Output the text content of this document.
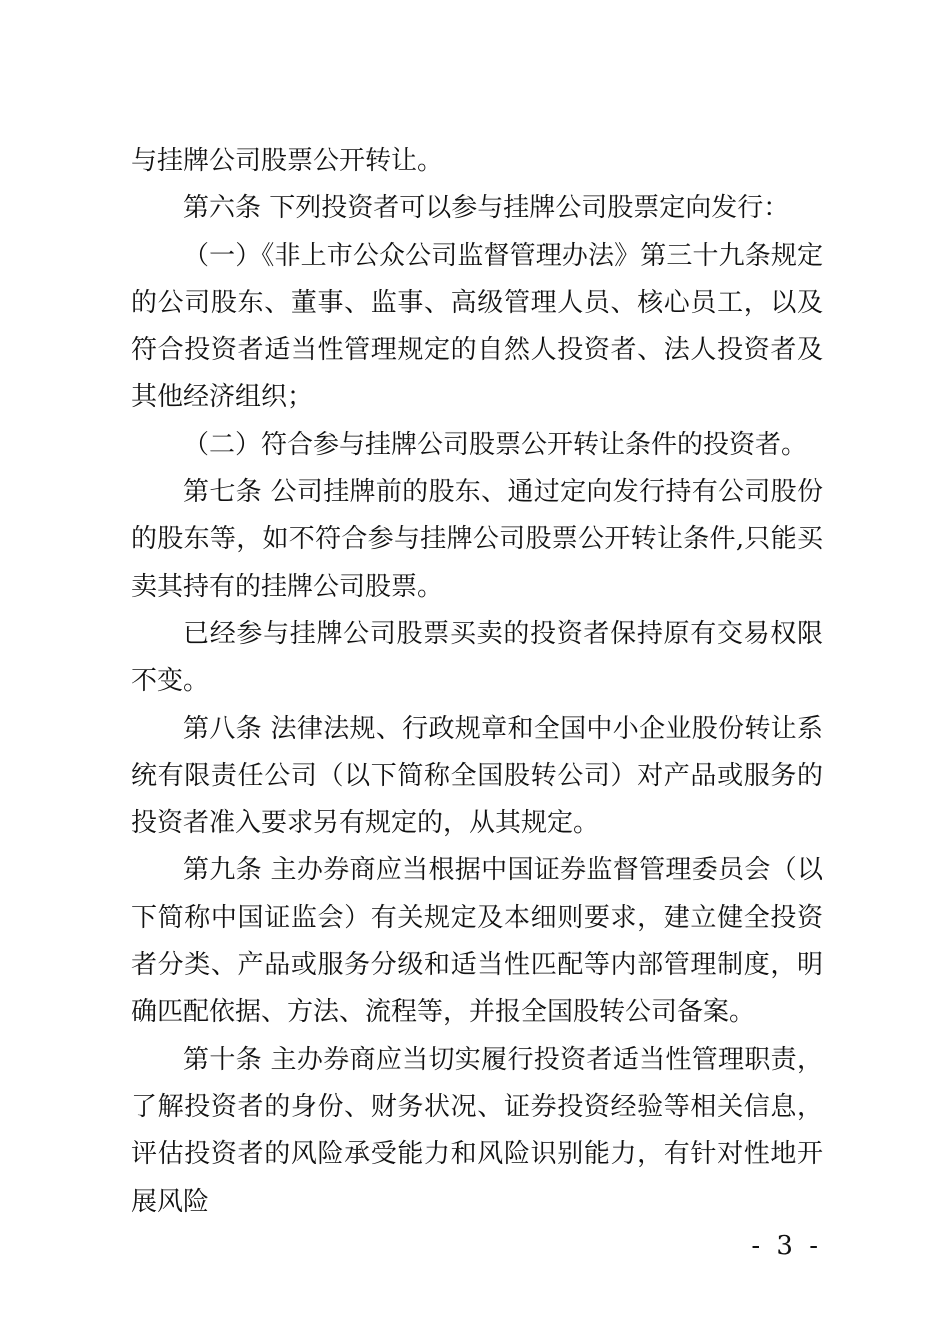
与挂牌公司股票公开转让。

第六条 下列投资者可以参与挂牌公司股票定向发行：

（一）《非上市公众公司监督管理办法》第三十九条规定的公司股东、董事、监事、高级管理人员、核心员工，以及符合投资者适当性管理规定的自然人投资者、法人投资者及其他经济组织；

（二）符合参与挂牌公司股票公开转让条件的投资者。

第七条 公司挂牌前的股东、通过定向发行持有公司股份的股东等，如不符合参与挂牌公司股票公开转让条件,只能买卖其持有的挂牌公司股票。

已经参与挂牌公司股票买卖的投资者保持原有交易权限不变。

第八条 法律法规、行政规章和全国中小企业股份转让系统有限责任公司（以下简称全国股转公司）对产品或服务的投资者准入要求另有规定的，从其规定。

第九条 主办券商应当根据中国证券监督管理委员会（以下简称中国证监会）有关规定及本细则要求，建立健全投资者分类、产品或服务分级和适当性匹配等内部管理制度，明确匹配依据、方法、流程等，并报全国股转公司备案。

第十条 主办券商应当切实履行投资者适当性管理职责，了解投资者的身份、财务状况、证券投资经验等相关信息，评估投资者的风险承受能力和风险识别能力，有针对性地开展风险

- 3 -
